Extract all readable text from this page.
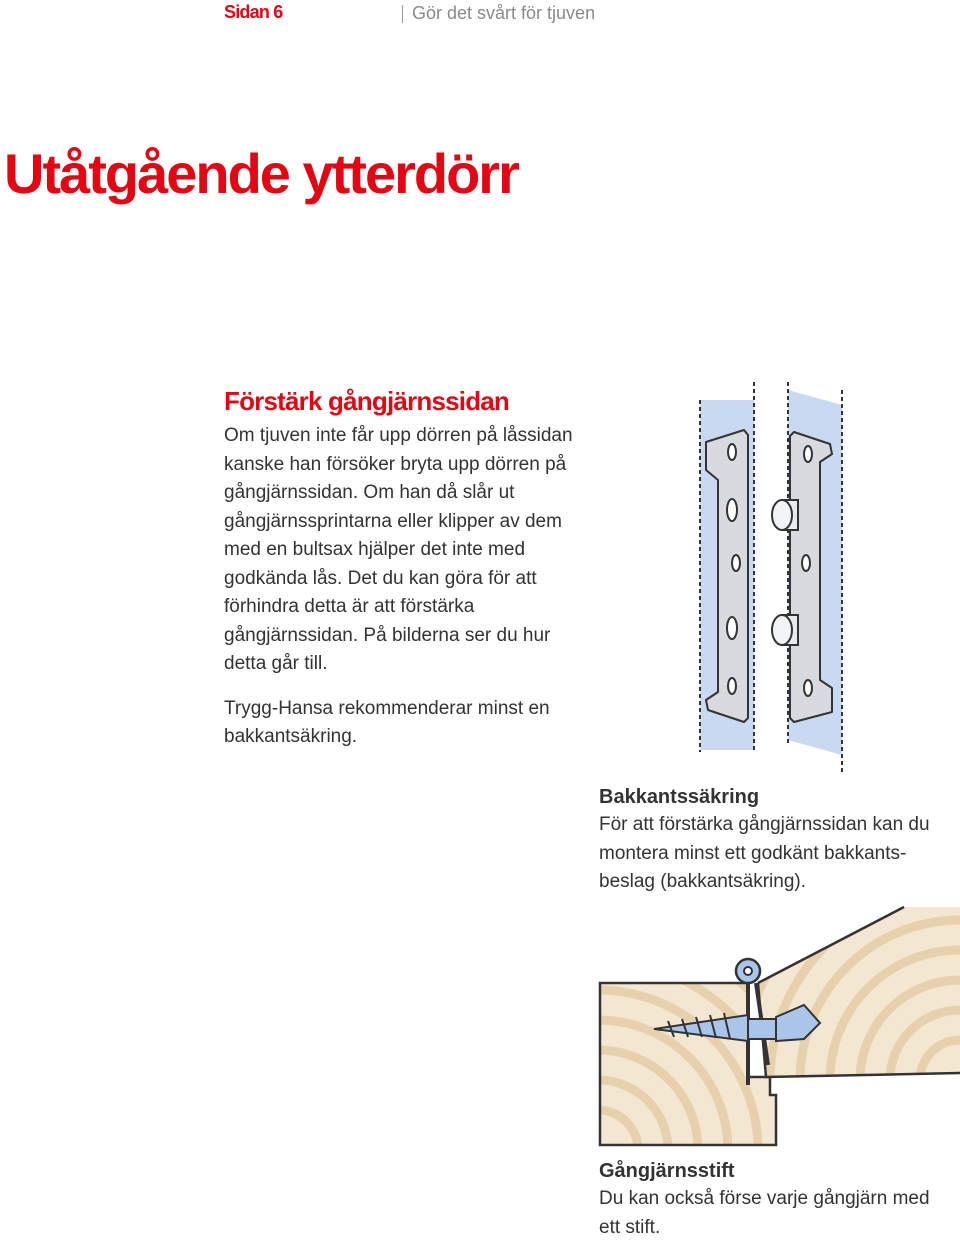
Sidan 6	Gör det svårt för tjuven
Utåtgående ytterdörr
Förstärk gångjärnssidan

Om tjuven inte får upp dörren på låssidan kanske han försöker bryta upp dörren på gångjärnssidan. Om han då slår ut gångjärnssprintarna eller klipper av dem med en bultsax hjälper det inte med godkända lås. Det du kan göra för att förhindra detta är att förstärka gångjärnssidan. På bilderna ser du hur detta går till.

Trygg-Hansa rekommenderar minst en bakkantsäkring.

Bakkantssäkring

För att förstärka gångjärnssidan kan du montera minst ett godkänt bakkants- beslag (bakkantsäkring).

Gångjärnsstift

Du kan också förse varje gångjärn med ett stift.
